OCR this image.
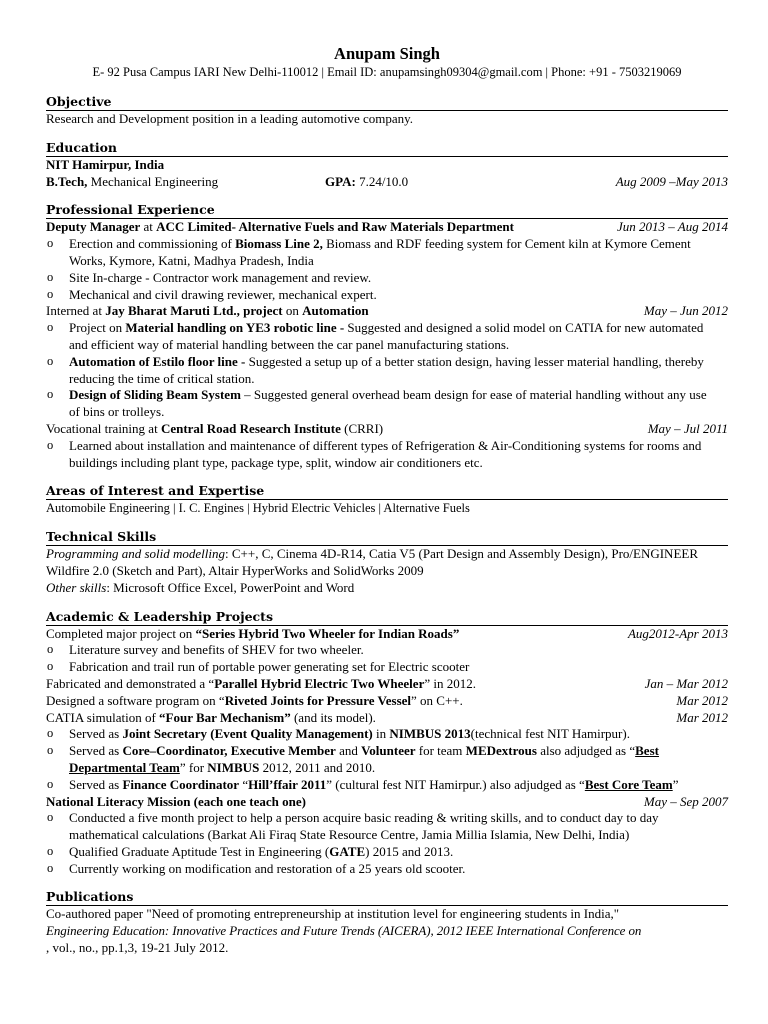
Anupam Singh
E- 92 Pusa Campus IARI New Delhi-110012 | Email ID: anupamsingh09304@gmail.com | Phone: +91 - 7503219069
Objective
Research and Development position in a leading automotive company.
Education
NIT Hamirpur, India
B.Tech, Mechanical Engineering	GPA: 7.24/10.0	Aug 2009 –May 2013
Professional Experience
Deputy Manager at ACC Limited- Alternative Fuels and Raw Materials Department	Jun 2013 – Aug 2014
o Erection and commissioning of Biomass Line 2, Biomass and RDF feeding system for Cement kiln at Kymore Cement Works, Kymore, Katni, Madhya Pradesh, India
o Site In-charge - Contractor work management and review.
o Mechanical and civil drawing reviewer, mechanical expert.
Interned at Jay Bharat Maruti Ltd., project on Automation	May – Jun 2012
o Project on Material handling on YE3 robotic line - Suggested and designed a solid model on CATIA for new automated and efficient way of material handling between the car panel manufacturing stations.
o Automation of Estilo floor line - Suggested a setup up of a better station design, having lesser material handling, thereby reducing the time of critical station.
o Design of Sliding Beam System – Suggested general overhead beam design for ease of material handling without any use of bins or trolleys.
Vocational training at Central Road Research Institute (CRRI)	May – Jul 2011
o Learned about installation and maintenance of different types of Refrigeration & Air-Conditioning systems for rooms and buildings including plant type, package type, split, window air conditioners etc.
Areas of Interest and Expertise
Automobile Engineering | I. C. Engines | Hybrid Electric Vehicles | Alternative Fuels
Technical Skills
Programming and solid modelling: C++, C, Cinema 4D-R14, Catia V5 (Part Design and Assembly Design), Pro/ENGINEER Wildfire 2.0 (Sketch and Part), Altair HyperWorks and SolidWorks 2009
Other skills: Microsoft Office Excel, PowerPoint and Word
Academic & Leadership Projects
Completed major project on “Series Hybrid Two Wheeler for Indian Roads”	Aug2012-Apr 2013
o Literature survey and benefits of SHEV for two wheeler.
o Fabrication and trail run of portable power generating set for Electric scooter
Fabricated and demonstrated a “Parallel Hybrid Electric Two Wheeler” in 2012.	Jan – Mar 2012
Designed a software program on “Riveted Joints for Pressure Vessel” on C++.	Mar 2012
CATIA simulation of “Four Bar Mechanism” (and its model).	Mar 2012
o Served as Joint Secretary (Event Quality Management) in NIMBUS 2013(technical fest NIT Hamirpur).
o Served as Core–Coordinator, Executive Member and Volunteer for team MEDextrous also adjudged as “Best Departmental Team” for NIMBUS 2012, 2011 and 2010.
o Served as Finance Coordinator “Hill’ffair 2011” (cultural fest NIT Hamirpur.) also adjudged as “Best Core Team”
National Literacy Mission (each one teach one)	May – Sep 2007
o Conducted a five month project to help a person acquire basic reading & writing skills, and to conduct day to day mathematical calculations (Barkat Ali Firaq State Resource Centre, Jamia Millia Islamia, New Delhi, India)
o Qualified Graduate Aptitude Test in Engineering (GATE) 2015 and 2013.
o Currently working on modification and restoration of a 25 years old scooter.
Publications
Co-authored paper "Need of promoting entrepreneurship at institution level for engineering students in India,"
Engineering Education: Innovative Practices and Future Trends (AICERA), 2012 IEEE International Conference on
, vol., no., pp.1,3, 19-21 July 2012.
